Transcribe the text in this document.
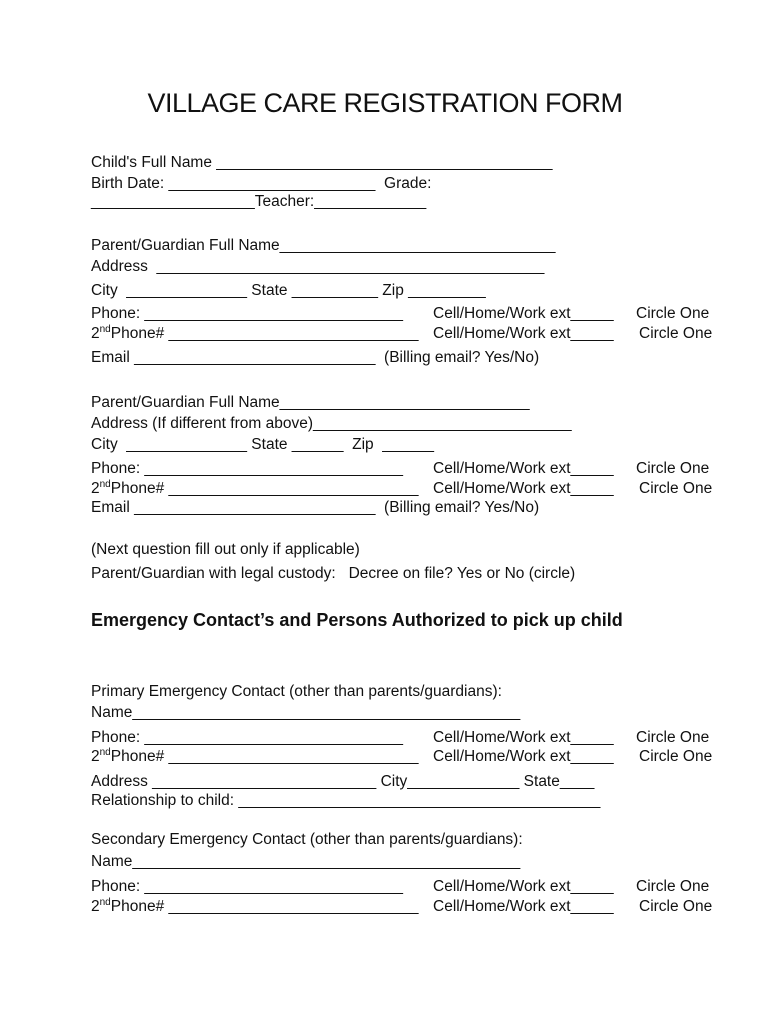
VILLAGE CARE REGISTRATION FORM
Child's Full Name _______________________________________
Birth Date: ________________________  Grade:
___________________Teacher:_____________
Parent/Guardian Full Name________________________________
Address  _____________________________________________
City  ______________ State __________ Zip _________
Phone: ______________________________ Cell/Home/Work ext_____ Circle One
2ndPhone# _____________________________ Cell/Home/Work ext_____ Circle One
Email ____________________________  (Billing email? Yes/No)
Parent/Guardian Full Name_____________________________
Address (If different from above)______________________________
City  ______________ State ______  Zip  ______
Phone: ______________________________ Cell/Home/Work ext_____ Circle One
2ndPhone# _____________________________ Cell/Home/Work ext_____ Circle One
Email ____________________________  (Billing email? Yes/No)
(Next question fill out only if applicable)
Parent/Guardian with legal custody:   Decree on file? Yes or No (circle)
Emergency Contact’s and Persons Authorized to pick up child
Primary Emergency Contact (other than parents/guardians):
Name_____________________________________________
Phone: ______________________________ Cell/Home/Work ext_____ Circle One
2ndPhone# _____________________________ Cell/Home/Work ext_____ Circle One
Address __________________________ City_____________ State____
Relationship to child: __________________________________________
Secondary Emergency Contact (other than parents/guardians):
Name_____________________________________________
Phone: ______________________________ Cell/Home/Work ext_____ Circle One
2ndPhone# _____________________________ Cell/Home/Work ext_____ Circle One
